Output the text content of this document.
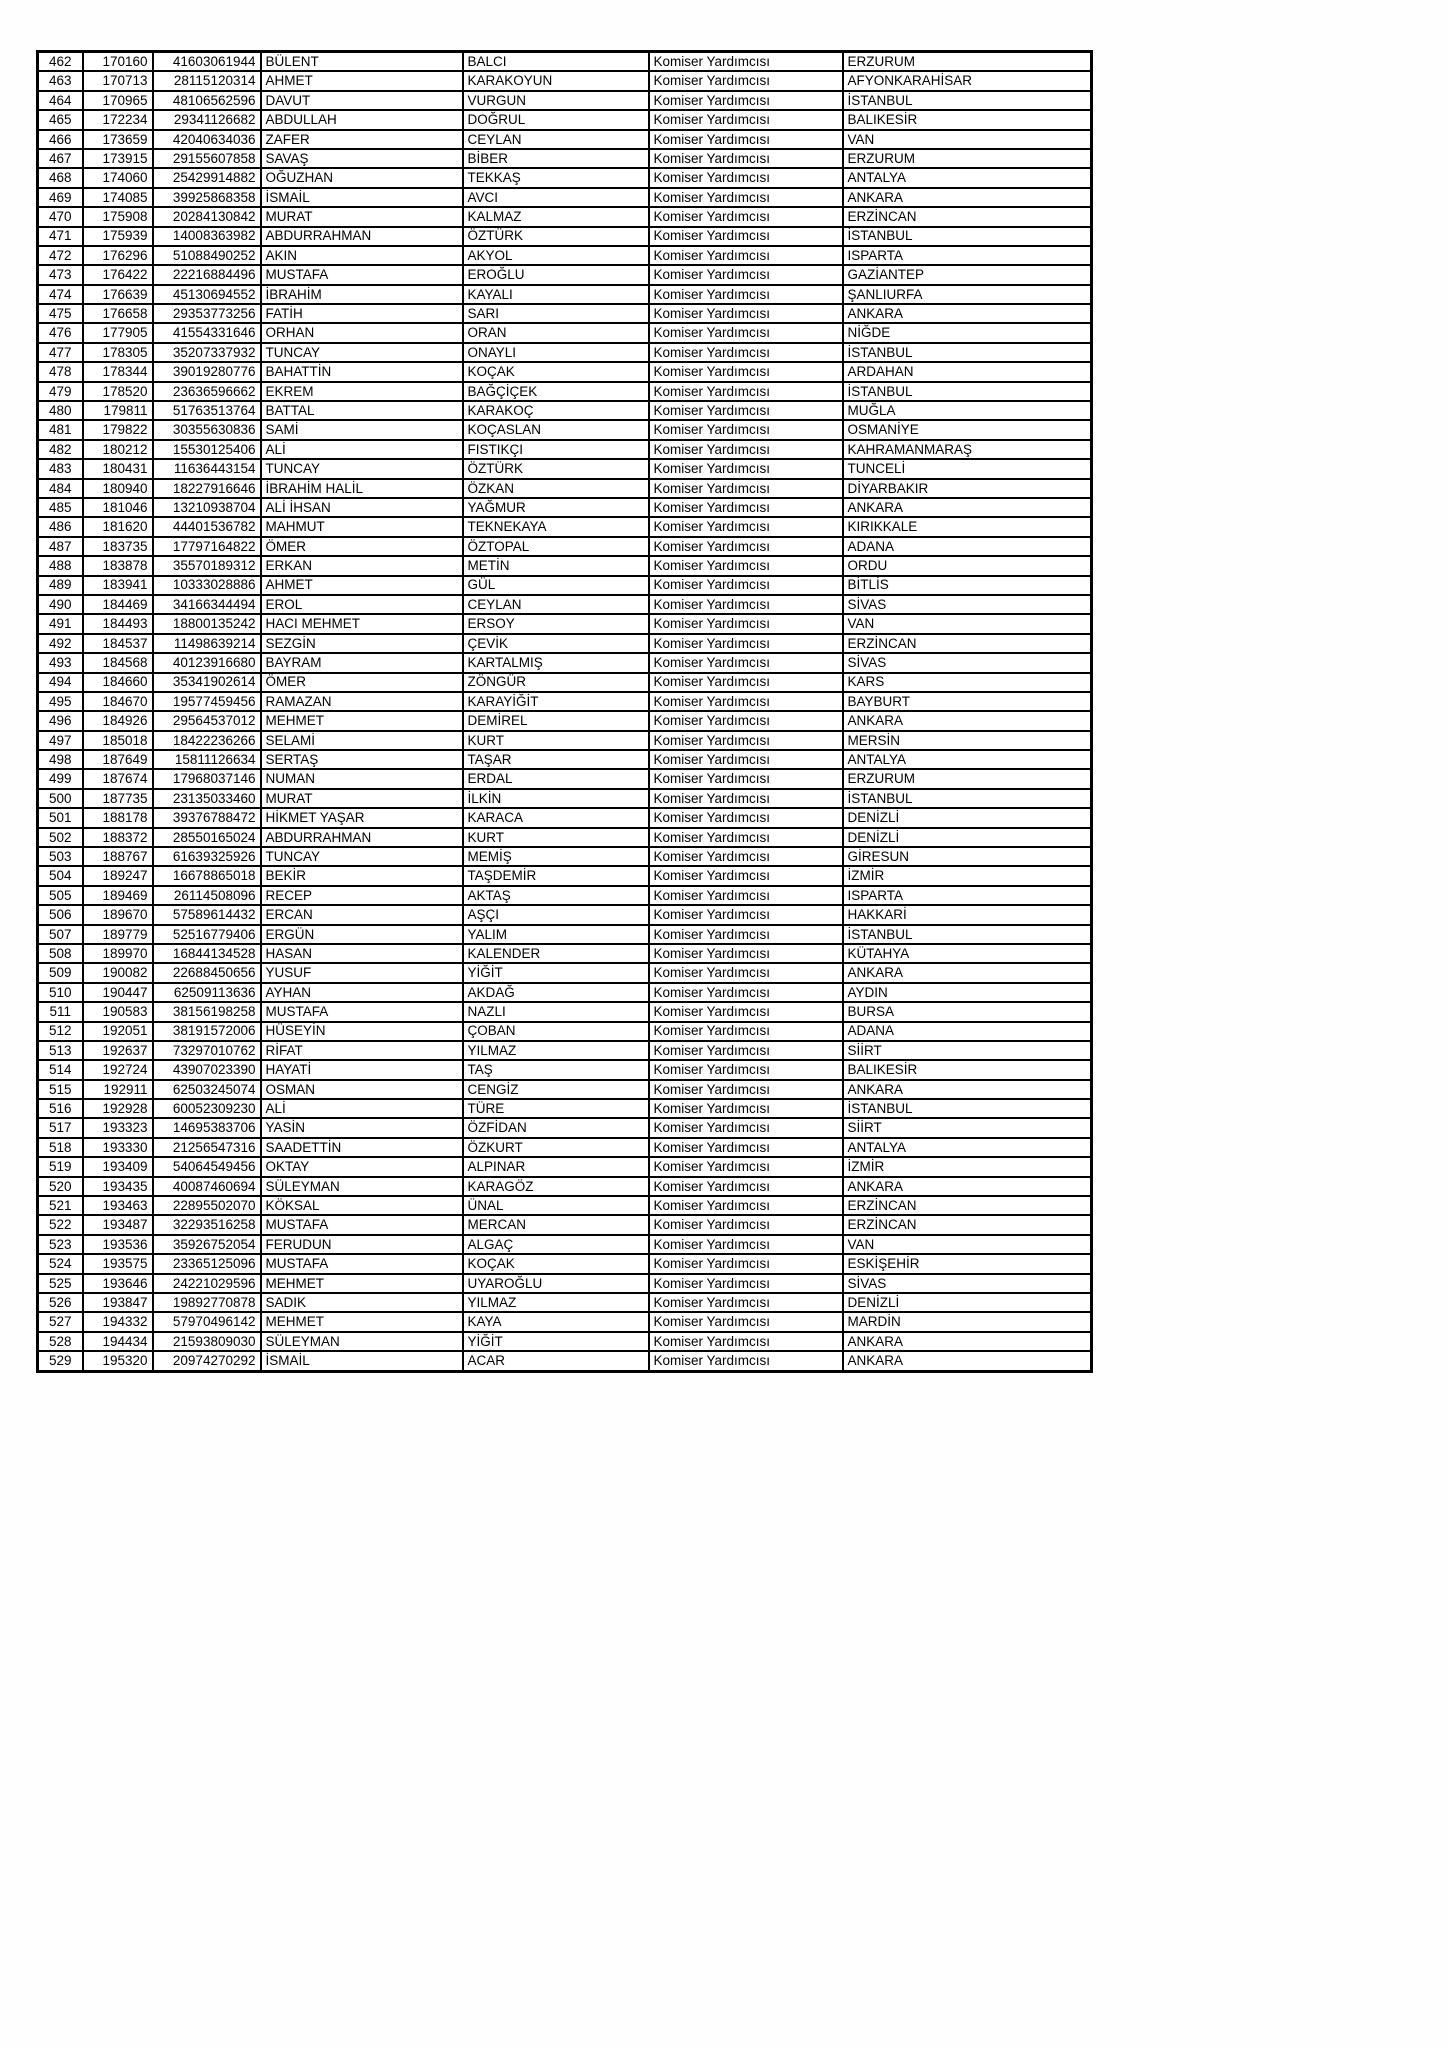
462	170160	41603061944	BÜLENT	BALCI	Komiser Yardımcısı	ERZURUM
463	170713	28115120314	AHMET	KARAKOYUN	Komiser Yardımcısı	AFYONKARAHİSAR
464	170965	48106562596	DAVUT	VURGUN	Komiser Yardımcısı	İSTANBUL
465	172234	29341126682	ABDULLAH	DOĞRUL	Komiser Yardımcısı	BALIKESİR
466	173659	42040634036	ZAFER	CEYLAN	Komiser Yardımcısı	VAN
467	173915	29155607858	SAVAŞ	BİBER	Komiser Yardımcısı	ERZURUM
468	174060	25429914882	OĞUZHAN	TEKKAŞ	Komiser Yardımcısı	ANTALYA
469	174085	39925868358	İSMAİL	AVCI	Komiser Yardımcısı	ANKARA
470	175908	20284130842	MURAT	KALMAZ	Komiser Yardımcısı	ERZİNCAN
471	175939	14008363982	ABDURRAHMAN	ÖZTÜRK	Komiser Yardımcısı	İSTANBUL
472	176296	51088490252	AKIN	AKYOL	Komiser Yardımcısı	ISPARTA
473	176422	22216884496	MUSTAFA	EROĞLU	Komiser Yardımcısı	GAZİANTEP
474	176639	45130694552	İBRAHİM	KAYALI	Komiser Yardımcısı	ŞANLIURFA
475	176658	29353773256	FATİH	SARI	Komiser Yardımcısı	ANKARA
476	177905	41554331646	ORHAN	ORAN	Komiser Yardımcısı	NİĞDE
477	178305	35207337932	TUNCAY	ONAYLI	Komiser Yardımcısı	İSTANBUL
478	178344	39019280776	BAHATTİN	KOÇAK	Komiser Yardımcısı	ARDAHAN
479	178520	23636596662	EKREM	BAĞÇİÇEK	Komiser Yardımcısı	İSTANBUL
480	179811	51763513764	BATTAL	KARAKOÇ	Komiser Yardımcısı	MUĞLA
481	179822	30355630836	SAMİ	KOÇASLAN	Komiser Yardımcısı	OSMANİYE
482	180212	15530125406	ALİ	FISTIKÇI	Komiser Yardımcısı	KAHRAMANMARAŞ
483	180431	11636443154	TUNCAY	ÖZTÜRK	Komiser Yardımcısı	TUNCELİ
484	180940	18227916646	İBRAHİM HALİL	ÖZKAN	Komiser Yardımcısı	DİYARBAKIR
485	181046	13210938704	ALİ İHSAN	YAĞMUR	Komiser Yardımcısı	ANKARA
486	181620	44401536782	MAHMUT	TEKNEKAYA	Komiser Yardımcısı	KIRIKKALE
487	183735	17797164822	ÖMER	ÖZTOPAL	Komiser Yardımcısı	ADANA
488	183878	35570189312	ERKAN	METİN	Komiser Yardımcısı	ORDU
489	183941	10333028886	AHMET	GÜL	Komiser Yardımcısı	BİTLİS
490	184469	34166344494	EROL	CEYLAN	Komiser Yardımcısı	SİVAS
491	184493	18800135242	HACI MEHMET	ERSOY	Komiser Yardımcısı	VAN
492	184537	11498639214	SEZGİN	ÇEVİK	Komiser Yardımcısı	ERZİNCAN
493	184568	40123916680	BAYRAM	KARTALMIŞ	Komiser Yardımcısı	SİVAS
494	184660	35341902614	ÖMER	ZÖNGÜR	Komiser Yardımcısı	KARS
495	184670	19577459456	RAMAZAN	KARAYİĞİT	Komiser Yardımcısı	BAYBURT
496	184926	29564537012	MEHMET	DEMİREL	Komiser Yardımcısı	ANKARA
497	185018	18422236266	SELAMİ	KURT	Komiser Yardımcısı	MERSİN
498	187649	15811126634	SERTAŞ	TAŞAR	Komiser Yardımcısı	ANTALYA
499	187674	17968037146	NUMAN	ERDAL	Komiser Yardımcısı	ERZURUM
500	187735	23135033460	MURAT	İLKİN	Komiser Yardımcısı	İSTANBUL
501	188178	39376788472	HİKMET YAŞAR	KARACA	Komiser Yardımcısı	DENİZLİ
502	188372	28550165024	ABDURRAHMAN	KURT	Komiser Yardımcısı	DENİZLİ
503	188767	61639325926	TUNCAY	MEMİŞ	Komiser Yardımcısı	GİRESUN
504	189247	16678865018	BEKİR	TAŞDEMİR	Komiser Yardımcısı	İZMİR
505	189469	26114508096	RECEP	AKTAŞ	Komiser Yardımcısı	ISPARTA
506	189670	57589614432	ERCAN	AŞÇI	Komiser Yardımcısı	HAKKARİ
507	189779	52516779406	ERGÜN	YALIM	Komiser Yardımcısı	İSTANBUL
508	189970	16844134528	HASAN	KALENDER	Komiser Yardımcısı	KÜTAHYA
509	190082	22688450656	YUSUF	YİĞİT	Komiser Yardımcısı	ANKARA
510	190447	62509113636	AYHAN	AKDAĞ	Komiser Yardımcısı	AYDIN
511	190583	38156198258	MUSTAFA	NAZLI	Komiser Yardımcısı	BURSA
512	192051	38191572006	HÜSEYİN	ÇOBAN	Komiser Yardımcısı	ADANA
513	192637	73297010762	RİFAT	YILMAZ	Komiser Yardımcısı	SİİRT
514	192724	43907023390	HAYATİ	TAŞ	Komiser Yardımcısı	BALIKESİR
515	192911	62503245074	OSMAN	CENGİZ	Komiser Yardımcısı	ANKARA
516	192928	60052309230	ALİ	TÜRE	Komiser Yardımcısı	İSTANBUL
517	193323	14695383706	YASİN	ÖZFİDAN	Komiser Yardımcısı	SİİRT
518	193330	21256547316	SAADETTİN	ÖZKURT	Komiser Yardımcısı	ANTALYA
519	193409	54064549456	OKTAY	ALPINAR	Komiser Yardımcısı	İZMİR
520	193435	40087460694	SÜLEYMAN	KARAGÖZ	Komiser Yardımcısı	ANKARA
521	193463	22895502070	KÖKSAL	ÜNAL	Komiser Yardımcısı	ERZİNCAN
522	193487	32293516258	MUSTAFA	MERCAN	Komiser Yardımcısı	ERZİNCAN
523	193536	35926752054	FERUDUN	ALGAÇ	Komiser Yardımcısı	VAN
524	193575	23365125096	MUSTAFA	KOÇAK	Komiser Yardımcısı	ESKİŞEHİR
525	193646	24221029596	MEHMET	UYAROĞLU	Komiser Yardımcısı	SİVAS
526	193847	19892770878	SADIK	YILMAZ	Komiser Yardımcısı	DENİZLİ
527	194332	57970496142	MEHMET	KAYA	Komiser Yardımcısı	MARDİN
528	194434	21593809030	SÜLEYMAN	YİĞİT	Komiser Yardımcısı	ANKARA
529	195320	20974270292	İSMAİL	ACAR	Komiser Yardımcısı	ANKARA
